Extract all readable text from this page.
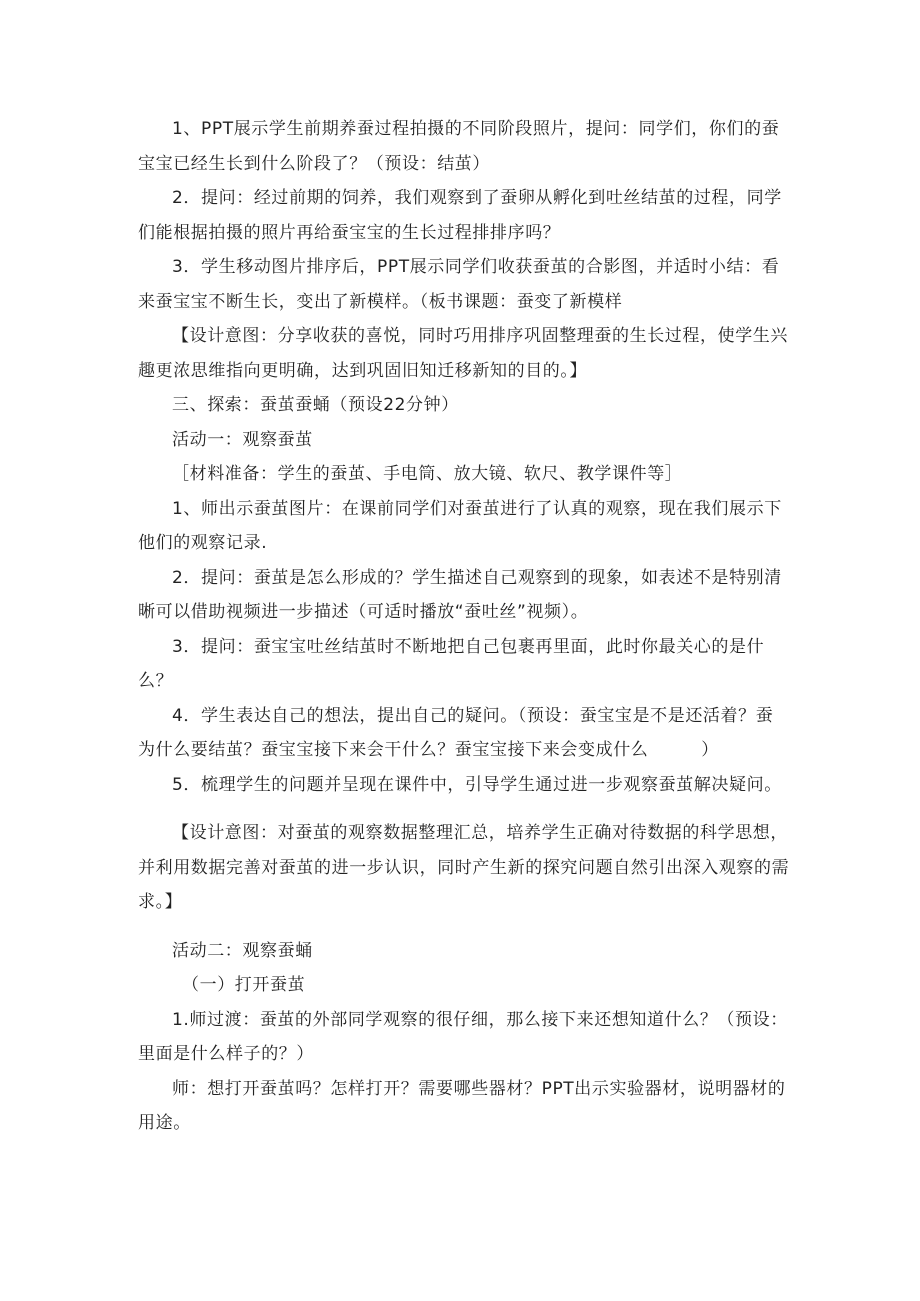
1、PPT展示学生前期养蚕过程拍摄的不同阶段照片，提问：同学们，你们的蚕宝宝已经生长到什么阶段了？（预设：结茧）

2．提问：经过前期的饲养，我们观察到了蚕卵从孵化到吐丝结茧的过程，同学们能根据拍摄的照片再给蚕宝宝的生长过程排排序吗？

3．学生移动图片排序后，PPT展示同学们收获蚕茧的合影图，并适时小结：看来蚕宝宝不断生长，变出了新模样。（板书课题：蚕变了新模样

【设计意图：分享收获的喜悦，同时巧用排序巩固整理蚕的生长过程，使学生兴趣更浓思维指向更明确，达到巩固旧知迁移新知的目的。】

三、探索：蚕茧蚕蛹（预设22分钟）

活动一：观察蚕茧

［材料准备：学生的蚕茧、手电筒、放大镜、软尺、教学课件等］

1、师出示蚕茧图片：在课前同学们对蚕茧进行了认真的观察，现在我们展示下他们的观察记录.

2．提问：蚕茧是怎么形成的？学生描述自己观察到的现象，如表述不是特别清晰可以借助视频进一步描述（可适时播放“蚕吐丝”视频）。

3．提问：蚕宝宝吐丝结茧时不断地把自己包裹再里面，此时你最关心的是什么？

4．学生表达自己的想法，提出自己的疑问。（预设：蚕宝宝是不是还活着？蚕为什么要结茧？蚕宝宝接下来会干什么？蚕宝宝接下来会变成什么　　　）

5．梳理学生的问题并呈现在课件中，引导学生通过进一步观察蚕茧解决疑问。

【设计意图：对蚕茧的观察数据整理汇总，培养学生正确对待数据的科学思想，并利用数据完善对蚕茧的进一步认识，同时产生新的探究问题自然引出深入观察的需求。】

活动二：观察蚕蛹

（一）打开蚕茧

1.师过渡：蚕茧的外部同学观察的很仔细，那么接下来还想知道什么？（预设：里面是什么样子的？）

师：想打开蚕茧吗？怎样打开？需要哪些器材？PPT出示实验器材，说明器材的用途。
